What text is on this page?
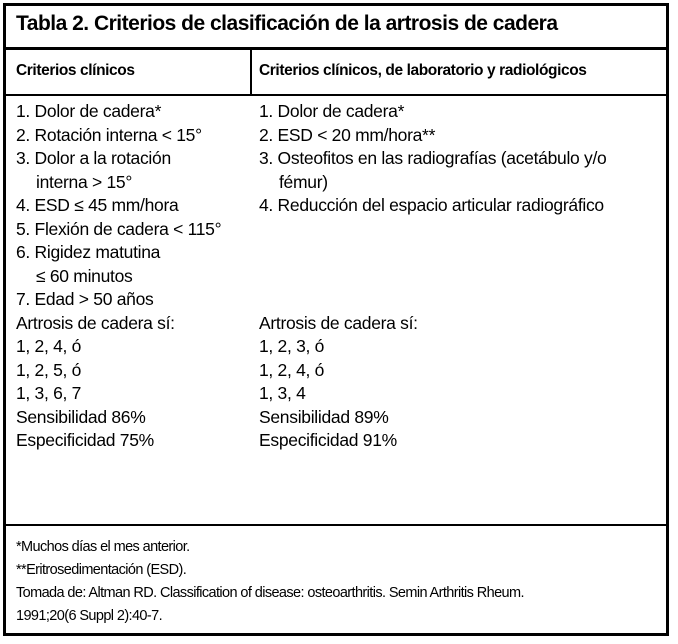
Tabla 2. Criterios de clasificación de la artrosis de cadera
Criterios clínicos	Criterios clínicos, de laboratorio y radiológicos
1. Dolor de cadera*
2. Rotación interna < 15°
3. Dolor a la rotación
interna > 15°
4. ESD ≤ 45 mm/hora
5. Flexión de cadera < 115°
6. Rigidez matutina
≤ 60 minutos
7. Edad > 50 años
Artrosis de cadera sí:
1, 2, 4, ó
1, 2, 5, ó
1, 3, 6, 7
Sensibilidad 86%
Especificidad 75%
1. Dolor de cadera*
2. ESD < 20 mm/hora**
3. Osteofitos en las radiografías (acetábulo y/o
fémur)
4. Reducción del espacio articular radiográfico

Artrosis de cadera sí:
1, 2, 3, ó
1, 2, 4, ó
1, 3, 4
Sensibilidad 89%
Especificidad 91%
*Muchos días el mes anterior.
**Eritrosedimentación (ESD).
Tomada de: Altman RD. Classification of disease: osteoarthritis. Semin Arthritis Rheum.
1991;20(6 Suppl 2):40-7.
